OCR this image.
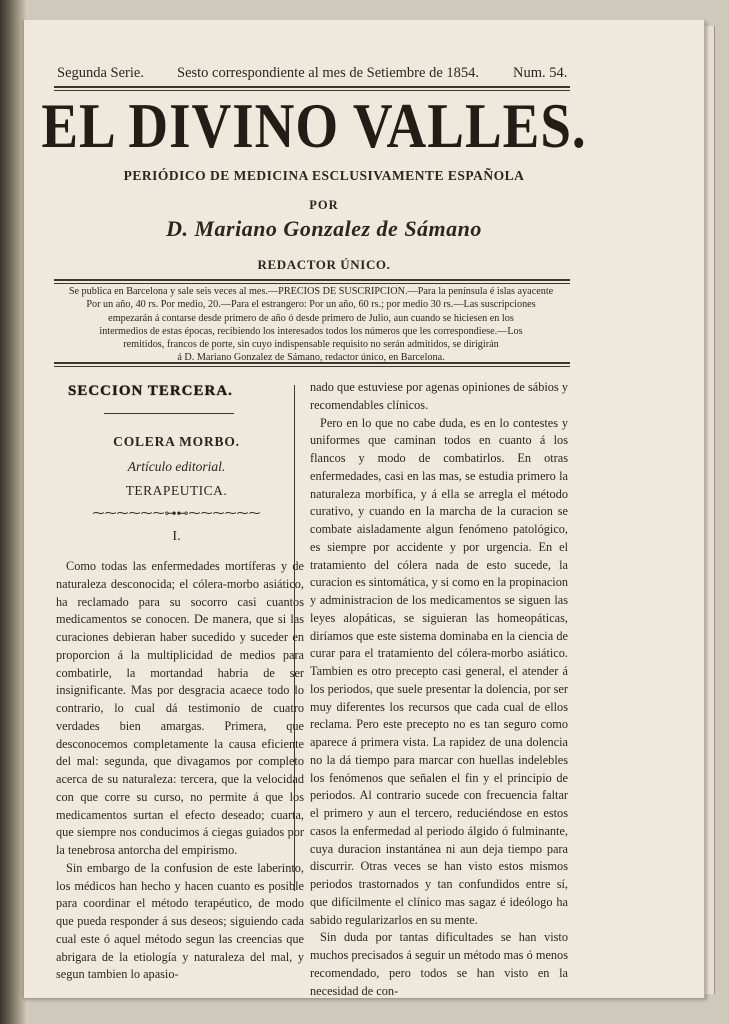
Segunda Serie. Sesto correspondiente al mes de Setiembre de 1854. Num. 54.
EL DIVINO VALLES.
PERIÓDICO DE MEDICINA ESCLUSIVAMENTE ESPAÑOLA
POR
D. Mariano Gonzalez de Sámano
REDACTOR ÚNICO.
Se publica en Barcelona y sale seis veces al mes.—PRECIOS DE SUSCRIPCION.—Para la península é islas ayacente
Por un año, 40 rs. Por medio, 20.—Para el estrangero: Por un año, 60 rs.; por medio 30 rs.—Las suscripciones
empezarán á contarse desde primero de año ó desde primero de Julio, aun cuando se hiciesen en los
intermedios de estas épocas, recibiendo los interesados todos los números que les correspondiese.—Los
remitidos, francos de porte, sin cuyo indispensable requisito no serán admitidos, se dirigirán
á D. Mariano Gonzalez de Sámano, redactor único, en Barcelona.
SECCION TERCERA.
COLERA MORBO.
Artículo editorial.
TERAPEUTICA.
⁓⁓⁓⁓⁓⁓⊶⊷⁓⁓⁓⁓⁓⁓
I.

Como todas las enfermedades mortíferas y de naturaleza desconocida; el cólera-morbo asiático, ha reclamado para su socorro casi cuantos medicamentos se conocen. De manera, que si las curaciones debieran haber sucedido y suceder en proporcion á la multiplicidad de medios para combatirle, la mortandad habria de ser insignificante. Mas por desgracia acaece todo lo contrario, lo cual dá testimonio de cuatro verdades bien amargas. Primera, que desconocemos completamente la causa eficiente del mal: segunda, que divagamos por completo acerca de su naturaleza: tercera, que la velocidad con que corre su curso, no permite á que los medicamentos surtan el efecto deseado; cuarta, que siempre nos conducimos á ciegas guiados por la tenebrosa antorcha del empirismo.

Sin embargo de la confusion de este laberinto, los médicos han hecho y hacen cuanto es posible para coordinar el método terapéutico, de modo que pueda responder á sus deseos; siguiendo cada cual este ó aquel método segun las creencias que abrigara de la etiología y naturaleza del mal, y segun tambien lo apasio-

nado que estuviese por agenas opiniones de sábios y recomendables clínicos.

Pero en lo que no cabe duda, es en lo contestes y uniformes que caminan todos en cuanto á los flancos y modo de combatirlos. En otras enfermedades, casi en las mas, se estudia primero la naturaleza morbífica, y á ella se arregla el método curativo, y cuando en la marcha de la curacion se combate aisladamente algun fenómeno patológico, es siempre por accidente y por urgencia. En el tratamiento del cólera nada de esto sucede, la curacion es sintomática, y si como en la propinacion y administracion de los medicamentos se siguen las leyes alopáticas, se siguieran las homeopáticas, diríamos que este sistema dominaba en la ciencia de curar para el tratamiento del cólera-morbo asiático. Tambien es otro precepto casi general, el atender á los periodos, que suele presentar la dolencia, por ser muy diferentes los recursos que cada cual de ellos reclama. Pero este precepto no es tan seguro como aparece á primera vista. La rapidez de una dolencia no la dá tiempo para marcar con huellas indelebles los fenómenos que señalen el fin y el principio de periodos. Al contrario sucede con frecuencia faltar el primero y aun el tercero, reduciéndose en estos casos la enfermedad al periodo álgido ó fulminante, cuya duracion instantánea ni aun deja tiempo para discurrir. Otras veces se han visto estos mismos periodos trastornados y tan confundidos entre sí, que difícilmente el clínico mas sagaz é ideólogo ha sabido regularizarlos en su mente.

Sin duda por tantas dificultades se han visto muchos precisados á seguir un método mas ó menos recomendado, pero todos se han visto en la necesidad de con-
